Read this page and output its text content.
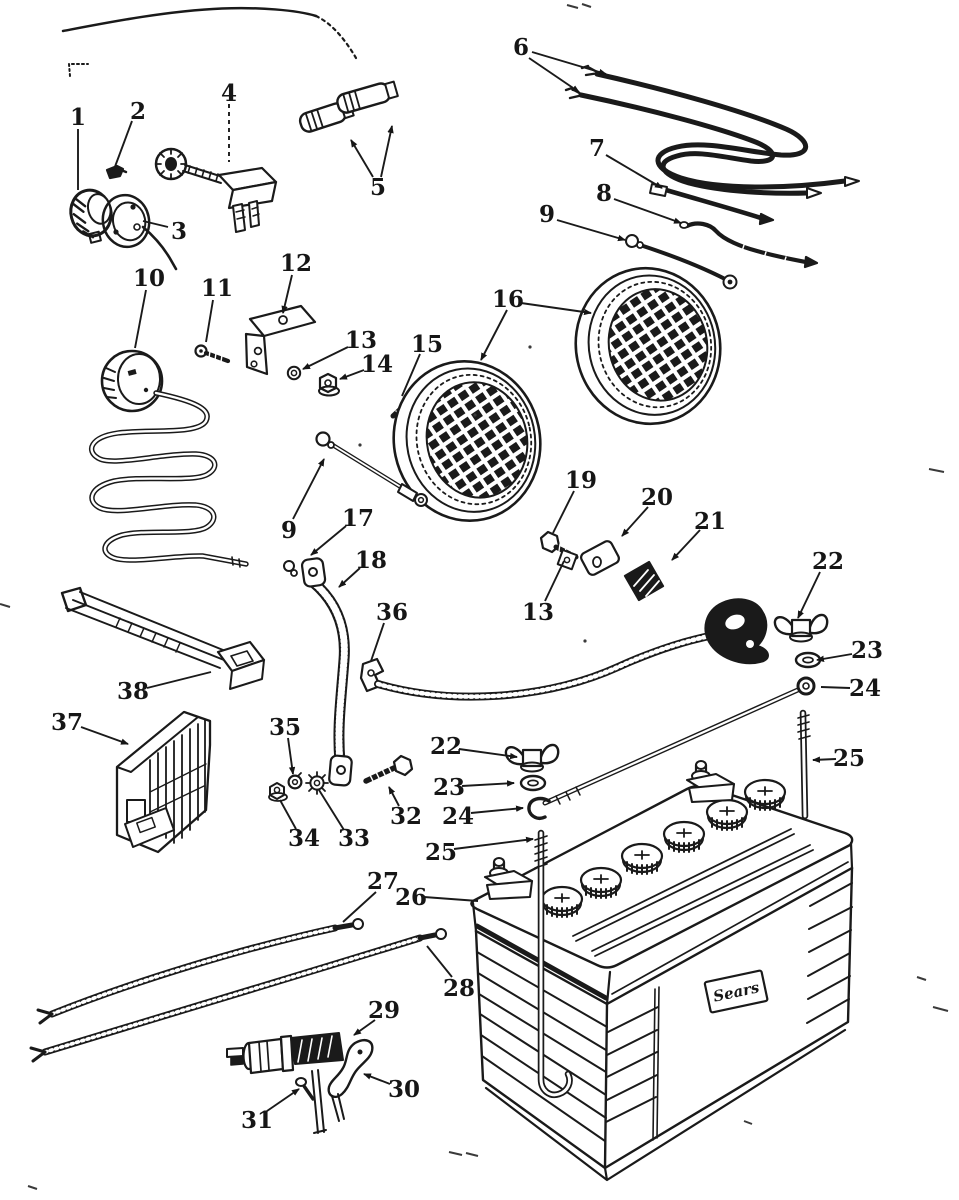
Sears
1 2
3
4
5
6
7
8
9
10 11
12
13
14
15
16
9 17
18
19
20
21
13
22
23
24
25
22
23
24
25
26
27
28
29
30
31
32
33
34
35
36
37
38
